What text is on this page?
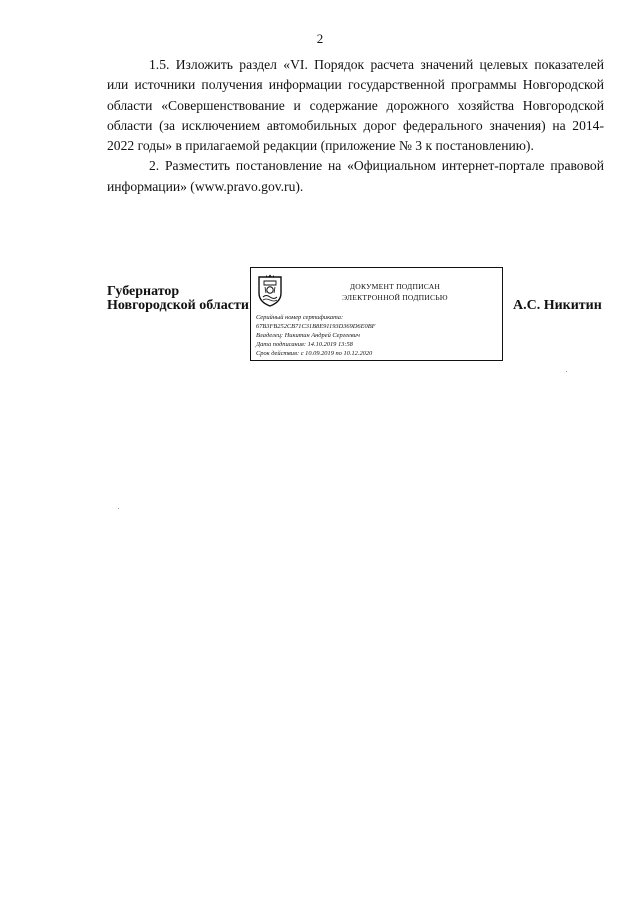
2

1.5. Изложить раздел «VI. Порядок расчета значений целевых показателей или источники получения информации государственной программы Новгородской области «Совершенствование и содержание дорожного хозяйства Новгородской области (за исключением автомобильных дорог федерального значения) на 2014-2022 годы» в прилагаемой редакции (приложение № 3 к постановлению).

2. Разместить постановление на «Официальном интернет-портале правовой информации» (www.pravo.gov.ru).

Губернатор
Новгородской области
ДОКУМЕНТ ПОДПИСАН
ЭЛЕКТРОННОЙ ПОДПИСЬЮ
Серийный номер сертификата:
67B3FB252CB71C31B8E91193D369D6E0BF
Владелец: Никитин Андрей Сергеевич
Дата подписания: 14.10.2019 13:58
Срок действия: с 10.09.2019 по 10.12.2020
А.С. Никитин
